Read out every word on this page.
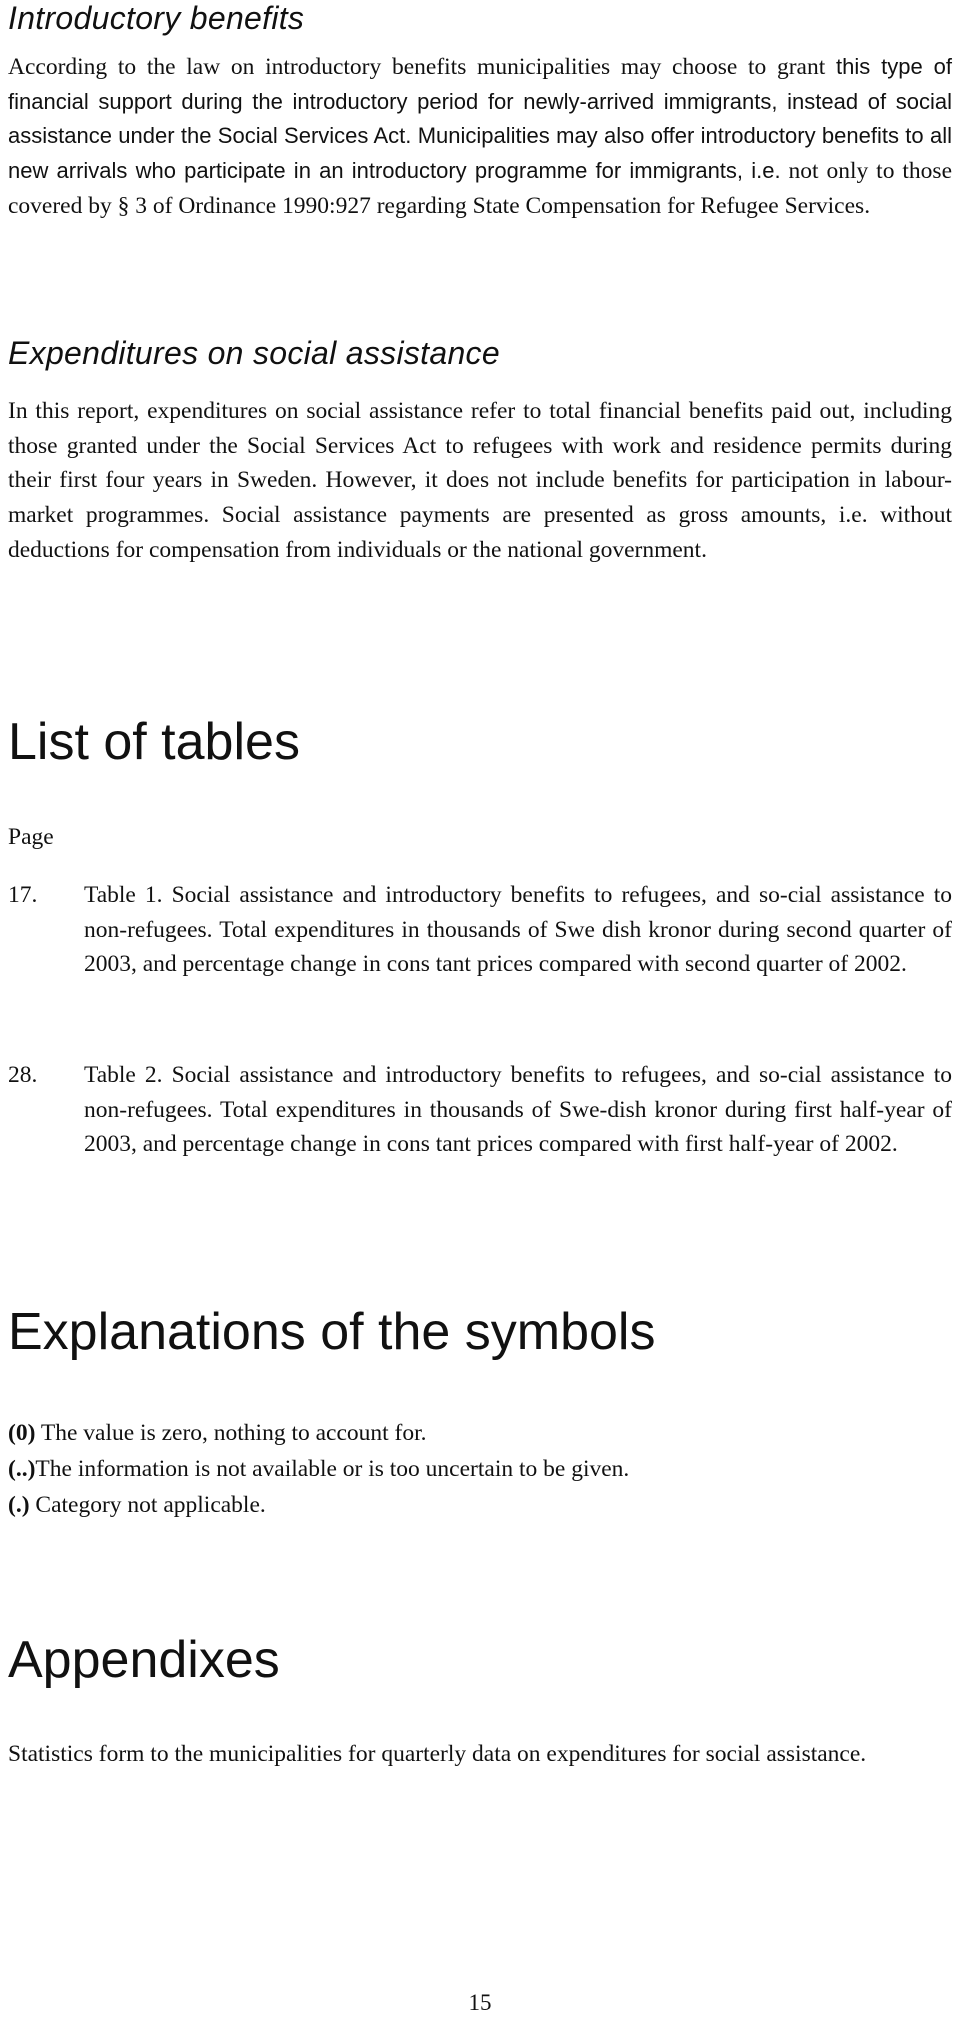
Introductory benefits

According to the law on introductory benefits municipalities may choose to grant this type of financial support during the introductory period for newly-arrived immigrants, instead of social assistance under the Social Services Act. Municipalities may also offer introductory benefits to all new arrivals who participate in an introductory programme for immigrants, i.e. not only to those covered by § 3 of Ordinance 1990:927 regarding State Compensation for Refugee Services.

Expenditures on social assistance

In this report, expenditures on social assistance refer to total financial benefits paid out, including those granted under the Social Services Act to refugees with work and residence permits during their first four years in Sweden. However, it does not include benefits for participation in labour-market programmes. Social assistance payments are presented as gross amounts, i.e. without deductions for compensation from individuals or the national government.

List of tables
Page
17.	Table 1. Social assistance and introductory benefits to refugees, and so-cial assistance to non-refugees. Total expenditures in thousands of Swe dish kronor during second quarter of 2003, and percentage change in cons tant prices compared with second quarter of 2002.
28.	Table 2. Social assistance and introductory benefits to refugees, and so-cial assistance to non-refugees. Total expenditures in thousands of Swe-dish kronor during first half-year of 2003, and percentage change in cons tant prices compared with first half-year of 2002.
Explanations of the symbols
(0) The value is zero, nothing to account for.
(..)The information is not available or is too uncertain to be given.
(.) Category not applicable.
Appendixes

Statistics form to the municipalities for quarterly data on expenditures for social assistance.

15
